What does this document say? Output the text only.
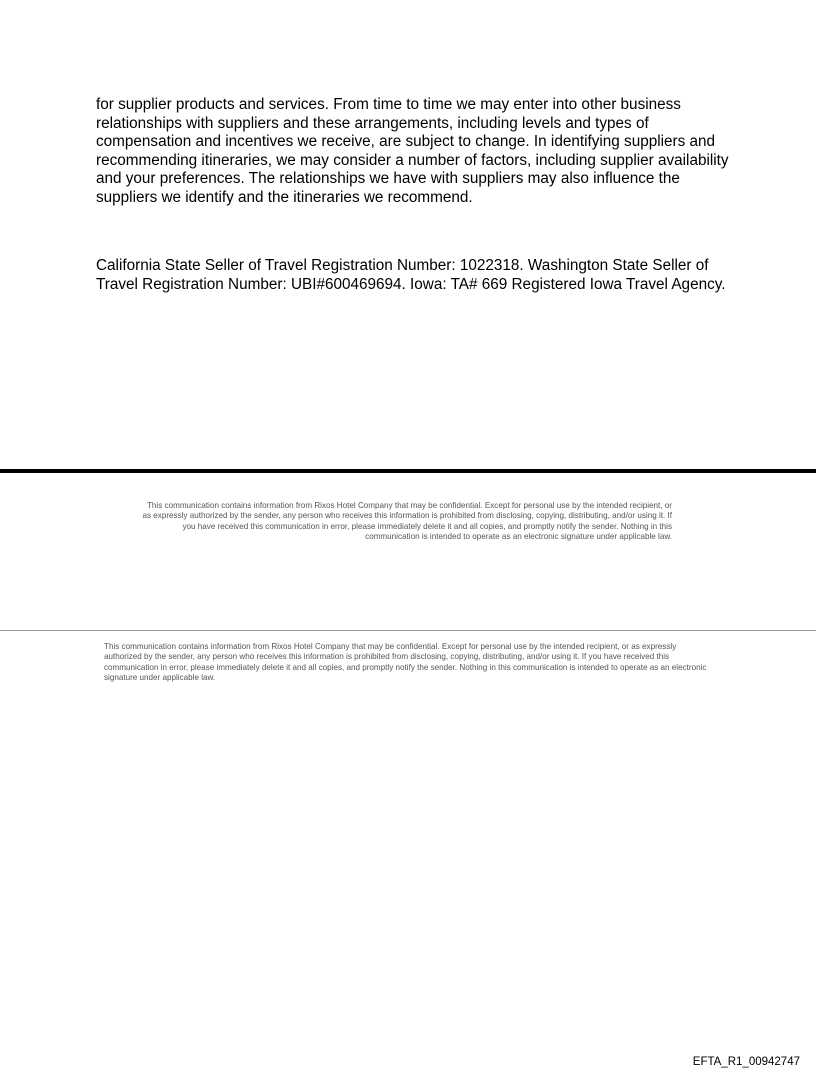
for supplier products and services. From time to time we may enter into other business relationships with suppliers and these arrangements, including levels and types of compensation and incentives we receive, are subject to change. In identifying suppliers and recommending itineraries, we may consider a number of factors, including supplier availability and your preferences. The relationships we have with suppliers may also influence the suppliers we identify and the itineraries we recommend.

California State Seller of Travel Registration Number: 1022318. Washington State Seller of Travel Registration Number: UBI#600469694. Iowa: TA# 669 Registered Iowa Travel Agency.

This communication contains information from Rixos Hotel Company that may be confidential. Except for personal use by the intended recipient, or as expressly authorized by the sender, any person who receives this information is prohibited from disclosing, copying, distributing, and/or using it. If you have received this communication in error, please immediately delete it and all copies, and promptly notify the sender. Nothing in this communication is intended to operate as an electronic signature under applicable law.

This communication contains information from Rixos Hotel Company that may be confidential. Except for personal use by the intended recipient, or as expressly authorized by the sender, any person who receives this information is prohibited from disclosing, copying, distributing, and/or using it. If you have received this communication in error, please immediately delete it and all copies, and promptly notify the sender. Nothing in this communication is intended to operate as an electronic signature under applicable law.

EFTA_R1_00942747
